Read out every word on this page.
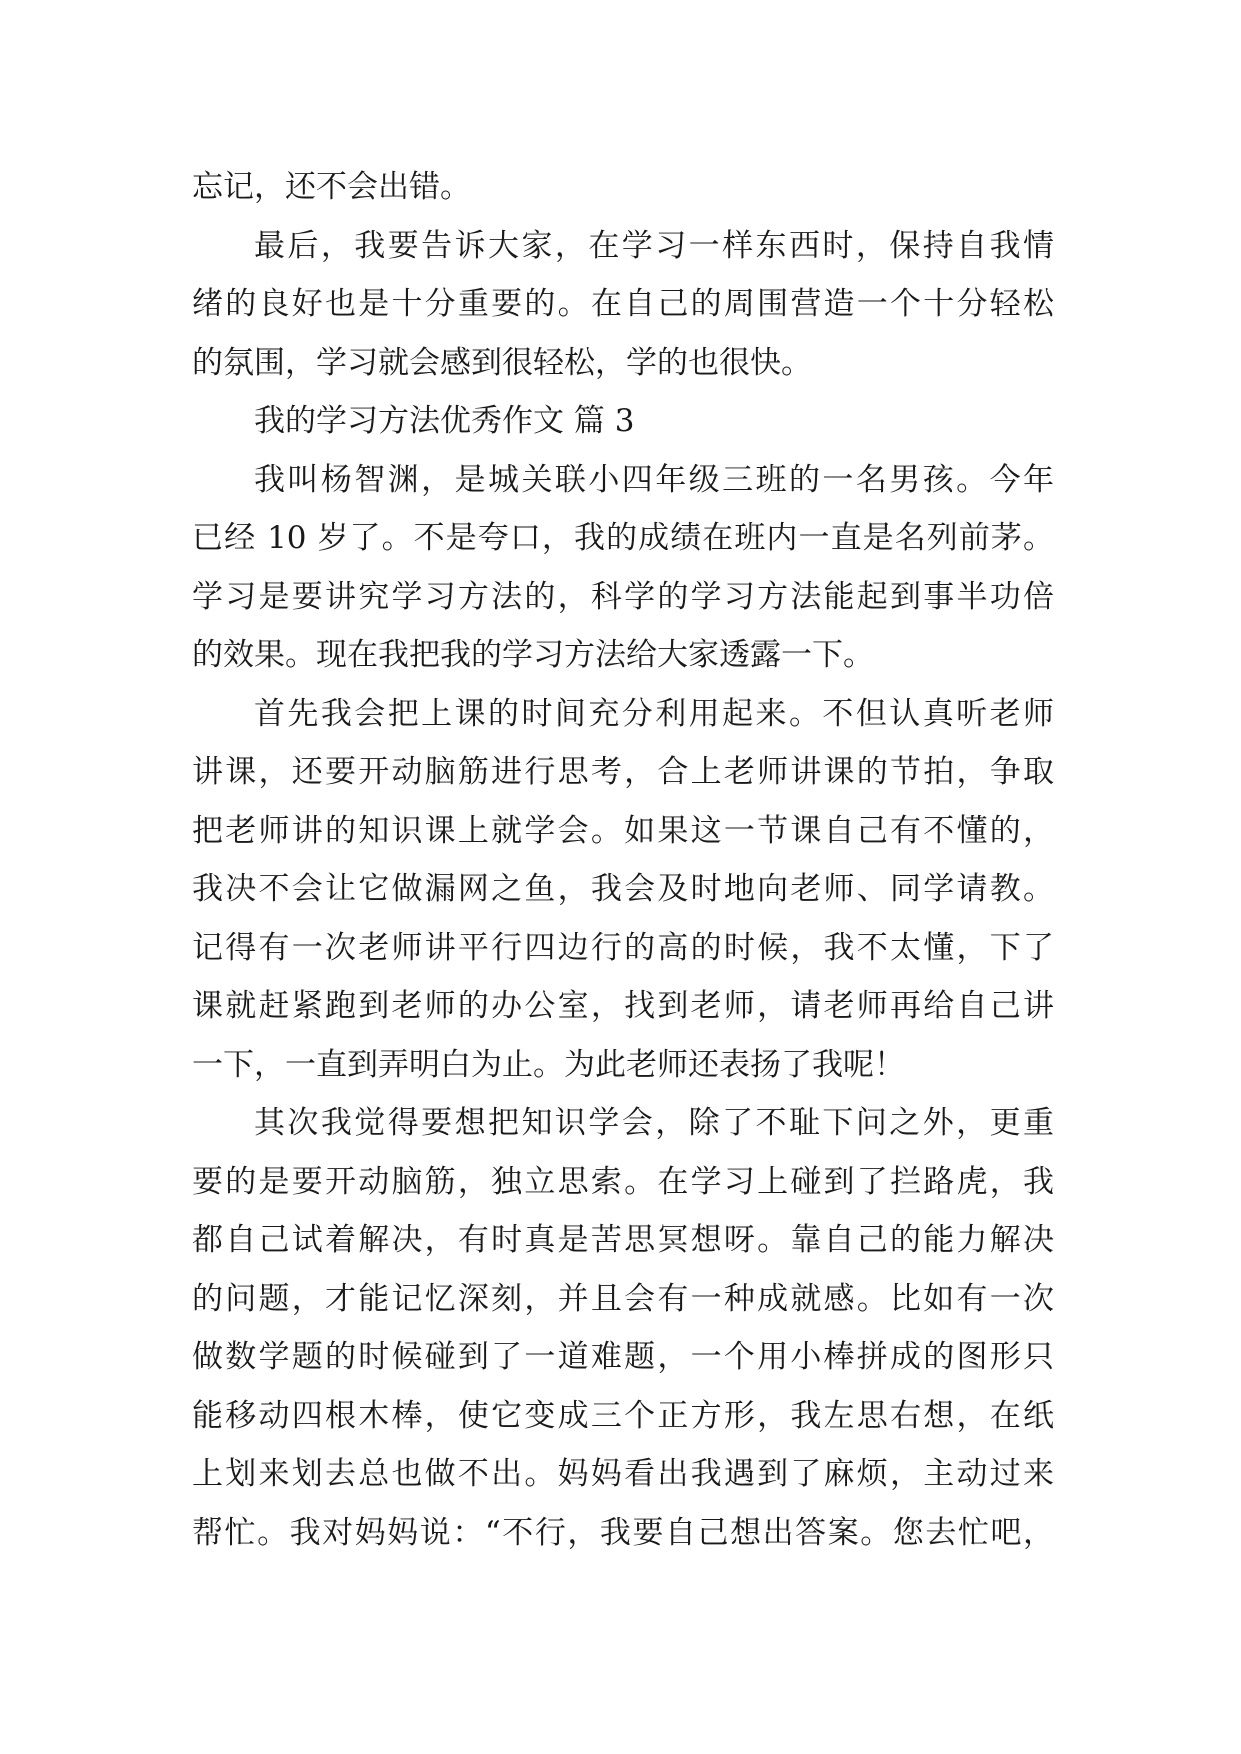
忘记，还不会出错。
最后，我要告诉大家，在学习一样东西时，保持自我情
绪的良好也是十分重要的。在自己的周围营造一个十分轻松
的氛围，学习就会感到很轻松，学的也很快。
我的学习方法优秀作文 篇 3
我叫杨智渊，是城关联小四年级三班的一名男孩。今年
已经 10 岁了。不是夸口，我的成绩在班内一直是名列前茅。
学习是要讲究学习方法的，科学的学习方法能起到事半功倍
的效果。现在我把我的学习方法给大家透露一下。
首先我会把上课的时间充分利用起来。不但认真听老师
讲课，还要开动脑筋进行思考，合上老师讲课的节拍，争取
把老师讲的知识课上就学会。如果这一节课自己有不懂的，
我决不会让它做漏网之鱼，我会及时地向老师、同学请教。
记得有一次老师讲平行四边行的高的时候，我不太懂，下了
课就赶紧跑到老师的办公室，找到老师，请老师再给自己讲
一下，一直到弄明白为止。为此老师还表扬了我呢！
其次我觉得要想把知识学会，除了不耻下问之外，更重
要的是要开动脑筋，独立思索。在学习上碰到了拦路虎，我
都自己试着解决，有时真是苦思冥想呀。靠自己的能力解决
的问题，才能记忆深刻，并且会有一种成就感。比如有一次
做数学题的时候碰到了一道难题，一个用小棒拼成的图形只
能移动四根木棒，使它变成三个正方形，我左思右想，在纸
上划来划去总也做不出。妈妈看出我遇到了麻烦，主动过来
帮忙。我对妈妈说：“不行，我要自己想出答案。您去忙吧，
